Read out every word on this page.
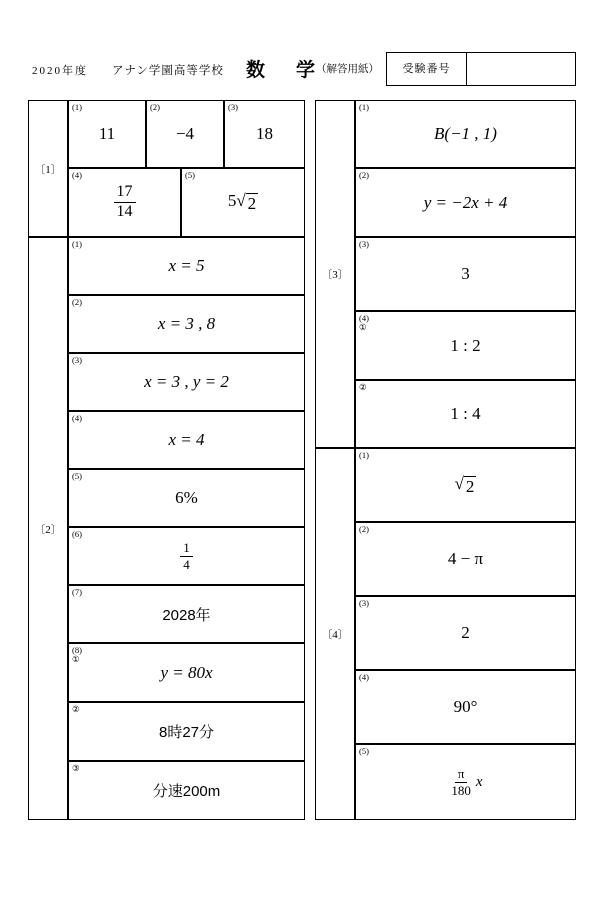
2020年度 アナン学園高等学校 数　学
（解答用紙）	受験番号
〔1〕
(1)
11
(2)
−4
(3)
18
(4)
$\frac{17}{14}$
(5)
5 √ 2
〔2〕
(1)
x = 5
(2)
x = 3 , 8
(3)
x = 3 , y = 2
(4)
x = 4
(5)
6%
(6)
$\frac{1}{4}$
(7)
2028年
(8)
①
y = 80x
②
8時27分
③
分速200m
〔3〕
(1)
B(−1 , 1)
(2)
y = −2x + 4
(3)
3
(4)
①
1 : 2
②
1 : 4
〔4〕
(1)
√ 2
(2)
4 − π
(3)
2
(4)
90°
(5)
$\frac{\pi}{180}$ x
